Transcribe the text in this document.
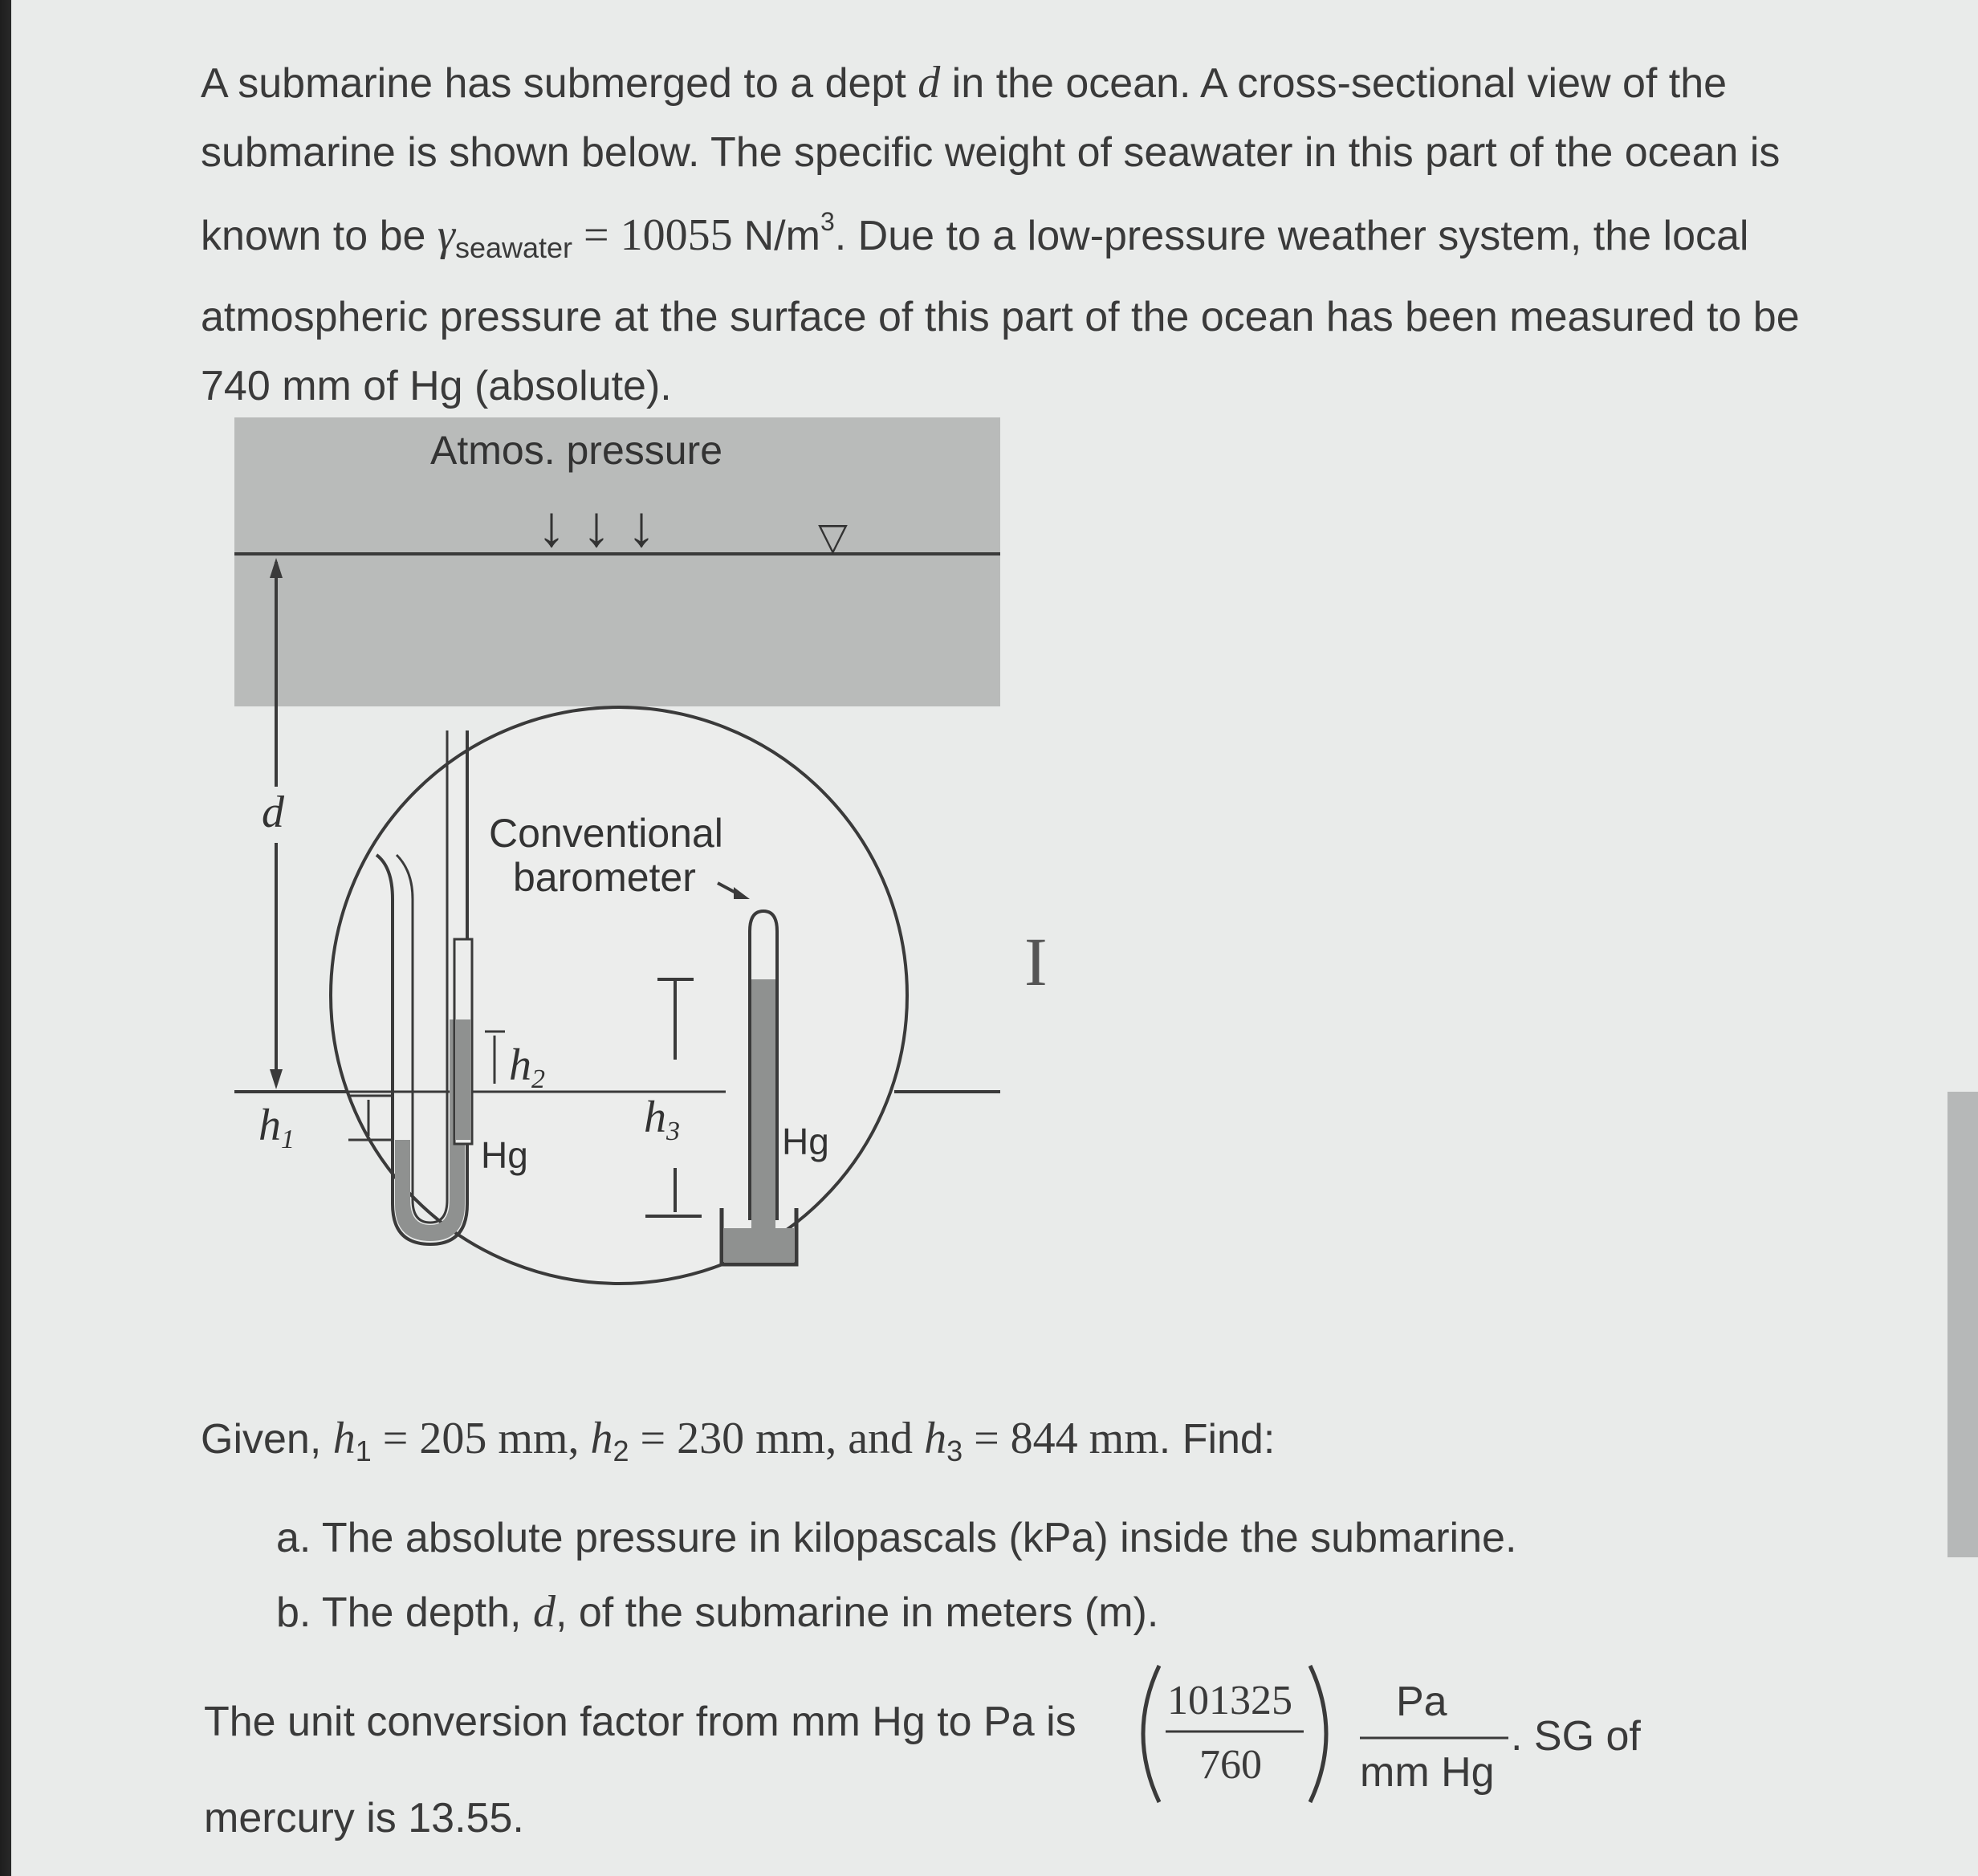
A submarine has submerged to a dept d in the ocean. A cross-sectional view of the submarine is shown below. The specific weight of seawater in this part of the ocean is known to be $\gamma_{seawater} = 10055$ $N/m^3$. Due to a low-pressure weather system, the local atmospheric pressure at the surface of this part of the ocean has been measured to be 740 mm of Hg (absolute).

▽
↓ ↓ ↓
Atmos. pressure
d
h1
h2
Hg
Conventional
barometer
h3	Hg
I

Given, $h_1 = 205$ mm, $h_2 = 230$ mm, and $h_3 = 844$ mm. Find:

a. The absolute pressure in kilopascals (kPa) inside the submarine.
b. The depth, d, of the submarine in meters (m).
The unit conversion factor from mm Hg to Pa is 101325
760
Pa
mm Hg
. SG of
mercury is 13.55.
